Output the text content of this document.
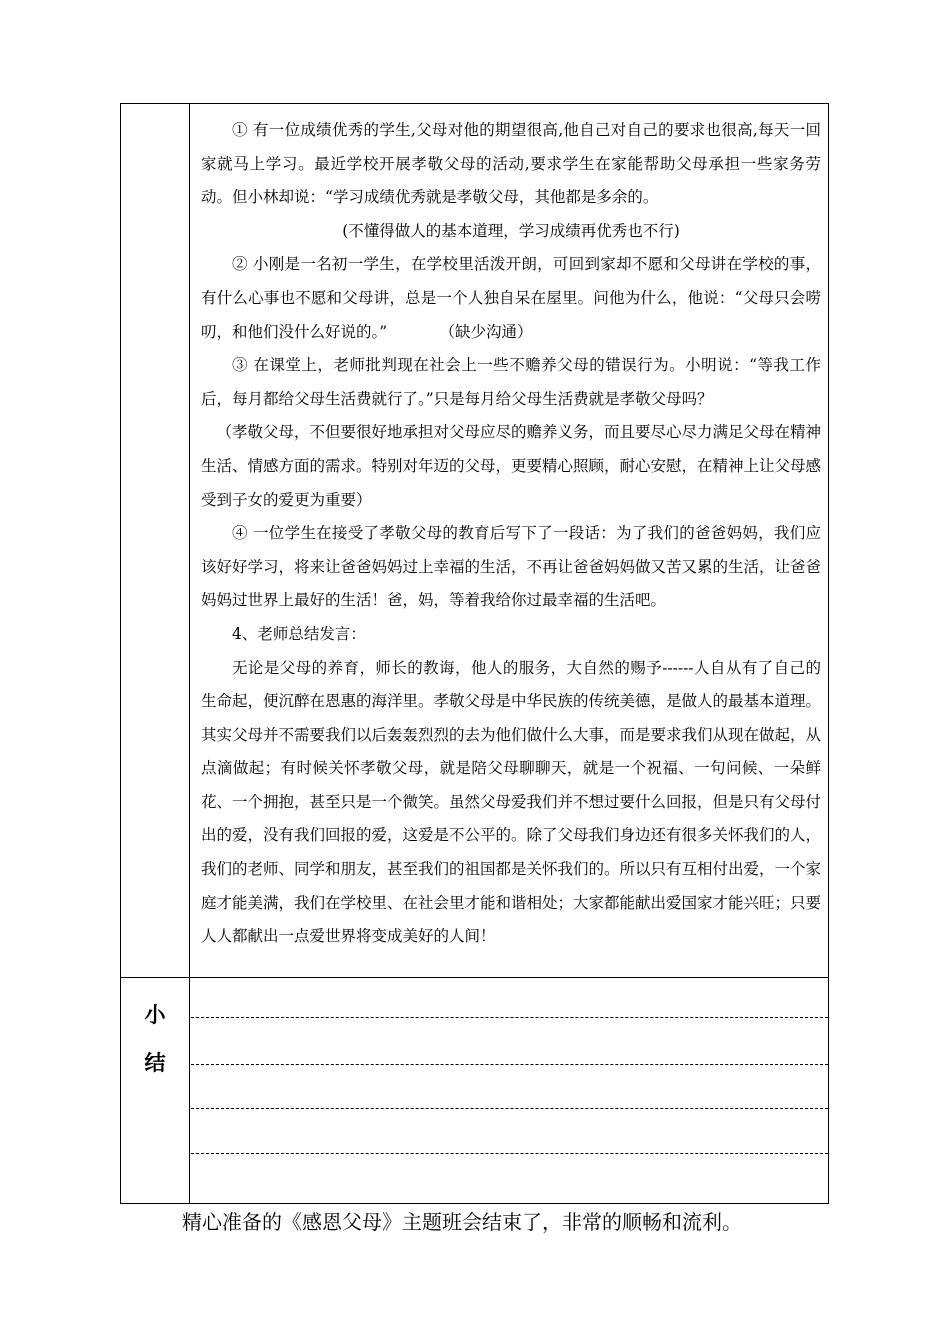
① 有一位成绩优秀的学生,父母对他的期望很高,他自己对自己的要求也很高,每天一回家就马上学习。最近学校开展孝敬父母的活动,要求学生在家能帮助父母承担一些家务劳动。但小林却说：“学习成绩优秀就是孝敬父母，其他都是多余的。

(不懂得做人的基本道理，学习成绩再优秀也不行)

② 小刚是一名初一学生，在学校里活泼开朗，可回到家却不愿和父母讲在学校的事，有什么心事也不愿和父母讲，总是一个人独自呆在屋里。问他为什么，他说：“父母只会唠叨，和他们没什么好说的。”	（缺少沟通）

③ 在课堂上，老师批判现在社会上一些不赡养父母的错误行为。小明说：“等我工作后，每月都给父母生活费就行了。”只是每月给父母生活费就是孝敬父母吗？

（孝敬父母，不但要很好地承担对父母应尽的赡养义务，而且要尽心尽力满足父母在精神生活、情感方面的需求。特别对年迈的父母，更要精心照顾，耐心安慰，在精神上让父母感受到子女的爱更为重要）

④ 一位学生在接受了孝敬父母的教育后写下了一段话：为了我们的爸爸妈妈，我们应该好好学习，将来让爸爸妈妈过上幸福的生活，不再让爸爸妈妈做又苦又累的生活，让爸爸妈妈过世界上最好的生活！爸，妈，等着我给你过最幸福的生活吧。

4、老师总结发言：

无论是父母的养育，师长的教诲，他人的服务，大自然的赐予------人自从有了自己的生命起，便沉醉在恩惠的海洋里。孝敬父母是中华民族的传统美德，是做人的最基本道理。其实父母并不需要我们以后轰轰烈烈的去为他们做什么大事，而是要求我们从现在做起，从点滴做起；有时候关怀孝敬父母，就是陪父母聊聊天，就是一个祝福、一句问候、一朵鲜花、一个拥抱，甚至只是一个微笑。虽然父母爱我们并不想过要什么回报，但是只有父母付出的爱，没有我们回报的爱，这爱是不公平的。除了父母我们身边还有很多关怀我们的人，我们的老师、同学和朋友，甚至我们的祖国都是关怀我们的。所以只有互相付出爱，一个家庭才能美满，我们在学校里、在社会里才能和谐相处；大家都能献出爱国家才能兴旺；只要人人都献出一点爱世界将变成美好的人间！

小
结
精心准备的《感恩父母》主题班会结束了，非常的顺畅和流利。
